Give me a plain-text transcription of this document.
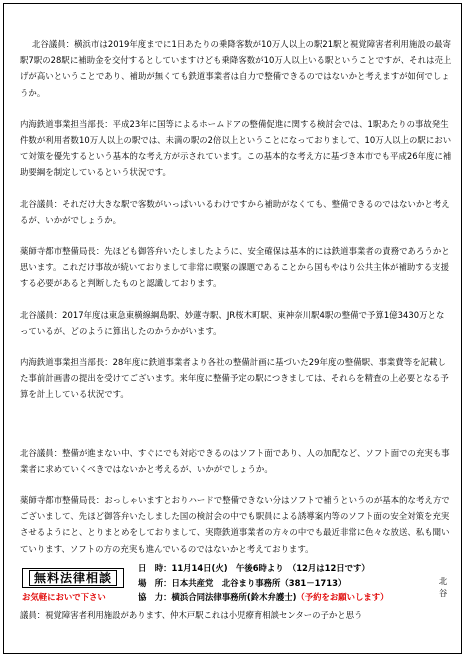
北谷議員：横浜市は2019年度までに1日あたりの乗降客数が10万人以上の駅21駅と視覚障害者利用施設の最寄駅7駅の28駅に補助金を交付するとしていますけども乗降客数が10万人以上いる駅ということですが、それは売上げが高いということであり、補助が無くても鉄道事業者は自力で整備できるのではないかと考えますが如何でしょうか。

内海鉄道事業担当部長：平成23年に国等によるホームドアの整備促進に関する検討会では、1駅あたりの事故発生件数が利用者数10万人以上の駅では、未満の駅の2倍以上ということになっておりまして、10万人以上の駅において対策を優先するという基本的な考え方が示されています。この基本的な考え方に基づき本市でも平成26年度に補助要綱を制定しているという状況です。

北谷議員：それだけ大きな駅で客数がいっぱいいるわけですから補助がなくても、整備できるのではないかと考えるが、いかがでしょうか。

薬師寺都市整備局長：先ほども御答弁いたしましたように、安全確保は基本的には鉄道事業者の責務であろうかと思います。これだけ事故が続いておりまして非常に喫緊の課題であることから国もやはり公共主体が補助する支援する必要があると判断したものと認識しております。

北谷議員：2017年度は東急東横線綱島駅、妙蓮寺駅、JR桜木町駅、東神奈川駅4駅の整備で予算1億3430万となっているが、どのように算出したのかうかがいます。

内海鉄道事業担当部長：28年度に鉄道事業者より各社の整備計画に基づいた29年度の整備駅、事業費等を記載した事前計画書の提出を受けてございます。来年度に整備予定の駅につきましては、それらを精査の上必要となる予算を計上している状況です。

北谷議員：整備が進まない中、すぐにでも対応できるのはソフト面であり、人の加配など、ソフト面での充実も事業者に求めていくべきではないかと考えるが、いかがでしょうか。

薬師寺都市整備局長：おっしゃいますとおりハードで整備できない分はソフトで補うというのが基本的な考え方でございまして、先ほど御答弁いたしました国の検討会の中でも駅員による誘導案内等のソフト面の安全対策を充実させるようにと、とりまとめをしておりまして、実際鉄道事業者の方々の中でも最近非常に色々な放送、私も聞いていります、ソフトの方の充実も進んでいるのではないかと考えております。

無料法律相談
お気軽においで下さい
日　時：11月14日(火)　午後6時より　（12月は12日です）
場　所：日本共産党　北谷まり事務所（381－1713）
協　力：横浜合同法律事務所(鈴木弁護士)（予約をお願いします）
北谷
議員：視覚障害者利用施設があります、仲木戸駅これは小児療育相談センターの子かと思う
